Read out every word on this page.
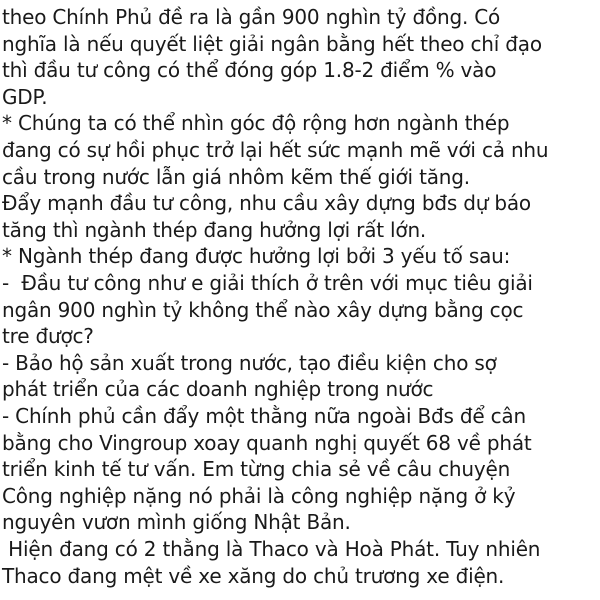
theo Chính Phủ đề ra là gần 900 nghìn tỷ đồng. Có
nghĩa là nếu quyết liệt giải ngân bằng hết theo chỉ đạo
thì đầu tư công có thể đóng góp 1.8-2 điểm % vào
GDP.
* Chúng ta có thể nhìn góc độ rộng hơn ngành thép
đang có sự hồi phục trở lại hết sức mạnh mẽ với cả nhu
cầu trong nước lẫn giá nhôm kẽm thế giới tăng.
Đẩy mạnh đầu tư công, nhu cầu xây dựng bđs dự báo
tăng thì ngành thép đang hưởng lợi rất lớn.
* Ngành thép đang được hưởng lợi bởi 3 yếu tố sau:
-  Đầu tư công như e giải thích ở trên với mục tiêu giải
ngân 900 nghìn tỷ không thể nào xây dựng bằng cọc
tre được?
- Bảo hộ sản xuất trong nước, tạo điều kiện cho sợ
phát triển của các doanh nghiệp trong nước
- Chính phủ cần đẩy một thằng nữa ngoài Bđs để cân
bằng cho Vingroup xoay quanh nghị quyết 68 về phát
triển kinh tế tư vấn. Em từng chia sẻ về câu chuyện
Công nghiệp nặng nó phải là công nghiệp nặng ở kỷ
nguyên vươn mình giống Nhật Bản.
Hiện đang có 2 thằng là Thaco và Hoà Phát. Tuy nhiên
Thaco đang mệt về xe xăng do chủ trương xe điện.
